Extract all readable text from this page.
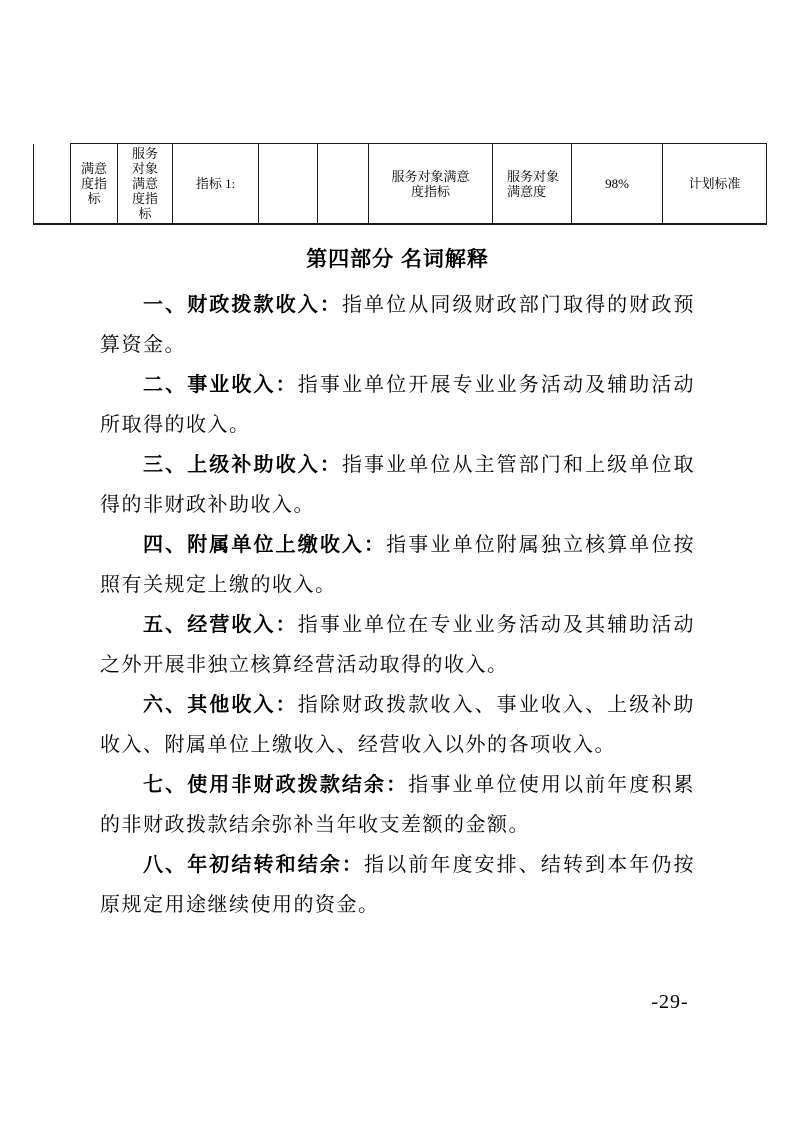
	满意度指标	服务对象满意度指标	指标 1:			服务对象满意度指标	服务对象满意度	98%	计划标准
第四部分 名词解释

一、财政拨款收入：指单位从同级财政部门取得的财政预算资金。

二、事业收入：指事业单位开展专业业务活动及辅助活动所取得的收入。

三、上级补助收入：指事业单位从主管部门和上级单位取得的非财政补助收入。

四、附属单位上缴收入：指事业单位附属独立核算单位按照有关规定上缴的收入。

五、经营收入：指事业单位在专业业务活动及其辅助活动之外开展非独立核算经营活动取得的收入。

六、其他收入：指除财政拨款收入、事业收入、上级补助收入、附属单位上缴收入、经营收入以外的各项收入。

七、使用非财政拨款结余：指事业单位使用以前年度积累的非财政拨款结余弥补当年收支差额的金额。

八、年初结转和结余：指以前年度安排、结转到本年仍按原规定用途继续使用的资金。

-29-
